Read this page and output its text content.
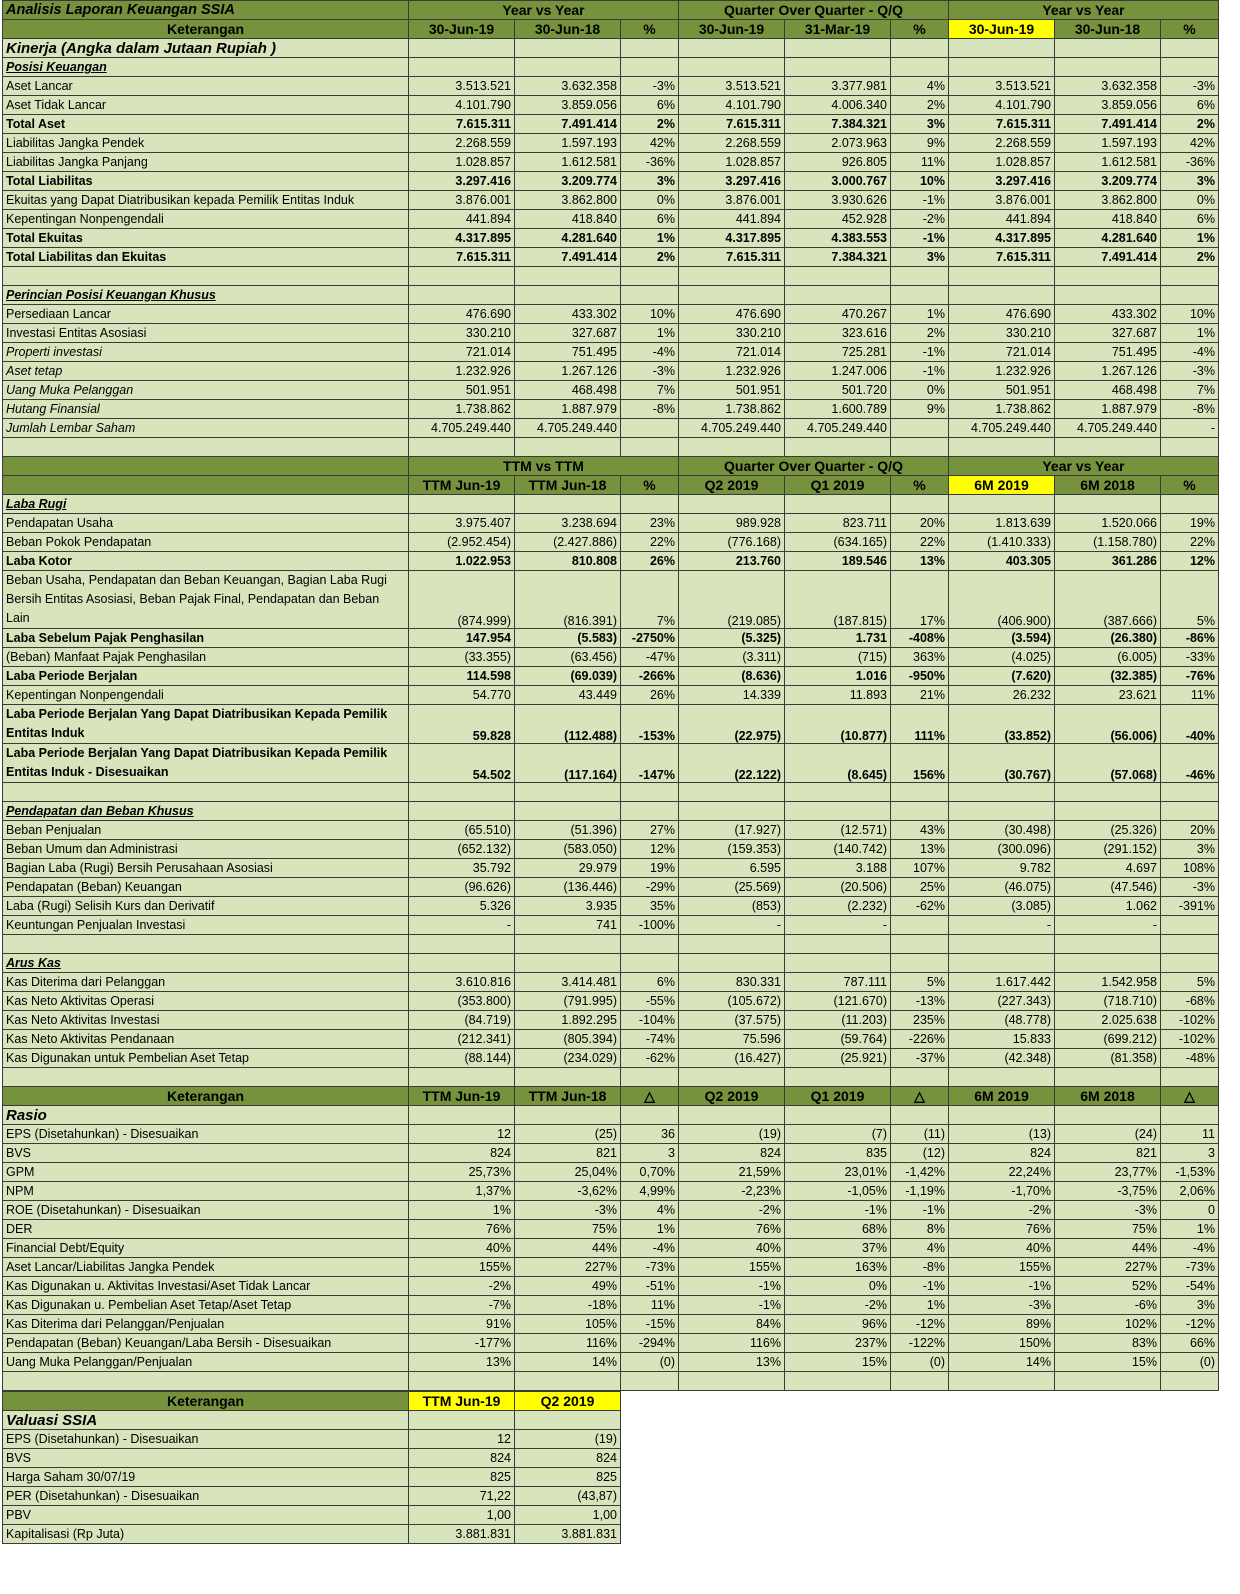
Analisis Laporan Keuangan SSIA	Year vs Year			Quarter Over Quarter - Q/Q			Year vs Year		
Keterangan	30-Jun-19	30-Jun-18	%	30-Jun-19	31-Mar-19	%	30-Jun-19	30-Jun-18	%
Kinerja (Angka dalam Jutaan Rupiah )									
Posisi Keuangan									
Aset Lancar	3.513.521	3.632.358	-3%	3.513.521	3.377.981	4%	3.513.521	3.632.358	-3%
Aset Tidak Lancar	4.101.790	3.859.056	6%	4.101.790	4.006.340	2%	4.101.790	3.859.056	6%
Total Aset	7.615.311	7.491.414	2%	7.615.311	7.384.321	3%	7.615.311	7.491.414	2%
Liabilitas Jangka Pendek	2.268.559	1.597.193	42%	2.268.559	2.073.963	9%	2.268.559	1.597.193	42%
Liabilitas Jangka Panjang	1.028.857	1.612.581	-36%	1.028.857	926.805	11%	1.028.857	1.612.581	-36%
Total Liabilitas	3.297.416	3.209.774	3%	3.297.416	3.000.767	10%	3.297.416	3.209.774	3%
Ekuitas yang Dapat Diatribusikan kepada Pemilik Entitas Induk	3.876.001	3.862.800	0%	3.876.001	3.930.626	-1%	3.876.001	3.862.800	0%
Kepentingan Nonpengendali	441.894	418.840	6%	441.894	452.928	-2%	441.894	418.840	6%
Total Ekuitas	4.317.895	4.281.640	1%	4.317.895	4.383.553	-1%	4.317.895	4.281.640	1%
Total Liabilitas dan Ekuitas	7.615.311	7.491.414	2%	7.615.311	7.384.321	3%	7.615.311	7.491.414	2%

Perincian Posisi Keuangan Khusus									
Persediaan Lancar	476.690	433.302	10%	476.690	470.267	1%	476.690	433.302	10%
Investasi Entitas Asosiasi	330.210	327.687	1%	330.210	323.616	2%	330.210	327.687	1%
Properti investasi	721.014	751.495	-4%	721.014	725.281	-1%	721.014	751.495	-4%
Aset tetap	1.232.926	1.267.126	-3%	1.232.926	1.247.006	-1%	1.232.926	1.267.126	-3%
Uang Muka Pelanggan	501.951	468.498	7%	501.951	501.720	0%	501.951	468.498	7%
Hutang Finansial	1.738.862	1.887.979	-8%	1.738.862	1.600.789	9%	1.738.862	1.887.979	-8%
Jumlah Lembar Saham	4.705.249.440	4.705.249.440		4.705.249.440	4.705.249.440		4.705.249.440	4.705.249.440	-

	TTM vs TTM			Quarter Over Quarter - Q/Q			Year vs Year		
	TTM Jun-19	TTM Jun-18	%	Q2 2019	Q1 2019	%	6M 2019	6M 2018	%
Laba Rugi									
Pendapatan Usaha	3.975.407	3.238.694	23%	989.928	823.711	20%	1.813.639	1.520.066	19%
Beban Pokok Pendapatan	(2.952.454)	(2.427.886)	22%	(776.168)	(634.165)	22%	(1.410.333)	(1.158.780)	22%
Laba Kotor	1.022.953	810.808	26%	213.760	189.546	13%	403.305	361.286	12%
Beban Usaha, Pendapatan dan Beban Keuangan, Bagian Laba Rugi Bersih Entitas Asosiasi, Beban Pajak Final, Pendapatan dan Beban Lain	(874.999)	(816.391)	7%	(219.085)	(187.815)	17%	(406.900)	(387.666)	5%
Laba Sebelum Pajak Penghasilan	147.954	(5.583)	-2750%	(5.325)	1.731	-408%	(3.594)	(26.380)	-86%
(Beban) Manfaat Pajak Penghasilan	(33.355)	(63.456)	-47%	(3.311)	(715)	363%	(4.025)	(6.005)	-33%
Laba Periode Berjalan	114.598	(69.039)	-266%	(8.636)	1.016	-950%	(7.620)	(32.385)	-76%
Kepentingan Nonpengendali	54.770	43.449	26%	14.339	11.893	21%	26.232	23.621	11%
Laba Periode Berjalan Yang Dapat Diatribusikan Kepada Pemilik Entitas Induk	59.828	(112.488)	-153%	(22.975)	(10.877)	111%	(33.852)	(56.006)	-40%
Laba Periode Berjalan Yang Dapat Diatribusikan Kepada Pemilik Entitas Induk - Disesuaikan	54.502	(117.164)	-147%	(22.122)	(8.645)	156%	(30.767)	(57.068)	-46%

Pendapatan dan Beban Khusus									
Beban Penjualan	(65.510)	(51.396)	27%	(17.927)	(12.571)	43%	(30.498)	(25.326)	20%
Beban Umum dan Administrasi	(652.132)	(583.050)	12%	(159.353)	(140.742)	13%	(300.096)	(291.152)	3%
Bagian Laba (Rugi) Bersih Perusahaan Asosiasi	35.792	29.979	19%	6.595	3.188	107%	9.782	4.697	108%
Pendapatan (Beban) Keuangan	(96.626)	(136.446)	-29%	(25.569)	(20.506)	25%	(46.075)	(47.546)	-3%
Laba (Rugi) Selisih Kurs dan Derivatif	5.326	3.935	35%	(853)	(2.232)	-62%	(3.085)	1.062	-391%
Keuntungan Penjualan Investasi	-	741	-100%	-	-		-	-	

Arus Kas									
Kas Diterima dari Pelanggan	3.610.816	3.414.481	6%	830.331	787.111	5%	1.617.442	1.542.958	5%
Kas Neto Aktivitas Operasi	(353.800)	(791.995)	-55%	(105.672)	(121.670)	-13%	(227.343)	(718.710)	-68%
Kas Neto Aktivitas Investasi	(84.719)	1.892.295	-104%	(37.575)	(11.203)	235%	(48.778)	2.025.638	-102%
Kas Neto Aktivitas Pendanaan	(212.341)	(805.394)	-74%	75.596	(59.764)	-226%	15.833	(699.212)	-102%
Kas Digunakan untuk Pembelian Aset Tetap	(88.144)	(234.029)	-62%	(16.427)	(25.921)	-37%	(42.348)	(81.358)	-48%

Keterangan	TTM Jun-19	TTM Jun-18	△	Q2 2019	Q1 2019	△	6M 2019	6M 2018	△
Rasio									
EPS (Disetahunkan) - Disesuaikan	12	(25)	36	(19)	(7)	(11)	(13)	(24)	11
BVS	824	821	3	824	835	(12)	824	821	3
GPM	25,73%	25,04%	0,70%	21,59%	23,01%	-1,42%	22,24%	23,77%	-1,53%
NPM	1,37%	-3,62%	4,99%	-2,23%	-1,05%	-1,19%	-1,70%	-3,75%	2,06%
ROE (Disetahunkan) - Disesuaikan	1%	-3%	4%	-2%	-1%	-1%	-2%	-3%	0
DER	76%	75%	1%	76%	68%	8%	76%	75%	1%
Financial Debt/Equity	40%	44%	-4%	40%	37%	4%	40%	44%	-4%
Aset Lancar/Liabilitas Jangka Pendek	155%	227%	-73%	155%	163%	-8%	155%	227%	-73%
Kas Digunakan u. Aktivitas Investasi/Aset Tidak Lancar	-2%	49%	-51%	-1%	0%	-1%	-1%	52%	-54%
Kas Digunakan u. Pembelian Aset Tetap/Aset Tetap	-7%	-18%	11%	-1%	-2%	1%	-3%	-6%	3%
Kas Diterima dari Pelanggan/Penjualan	91%	105%	-15%	84%	96%	-12%	89%	102%	-12%
Pendapatan (Beban) Keuangan/Laba Bersih - Disesuaikan	-177%	116%	-294%	116%	237%	-122%	150%	83%	66%
Uang Muka Pelanggan/Penjualan	13%	14%	(0)	13%	15%	(0)	14%	15%	(0)

Keterangan	TTM Jun-19	Q2 2019
Valuasi SSIA		
EPS (Disetahunkan) - Disesuaikan	12	(19)
BVS	824	824
Harga Saham 30/07/19	825	825
PER (Disetahunkan) - Disesuaikan	71,22	(43,87)
PBV	1,00	1,00
Kapitalisasi (Rp Juta)	3.881.831	3.881.831
